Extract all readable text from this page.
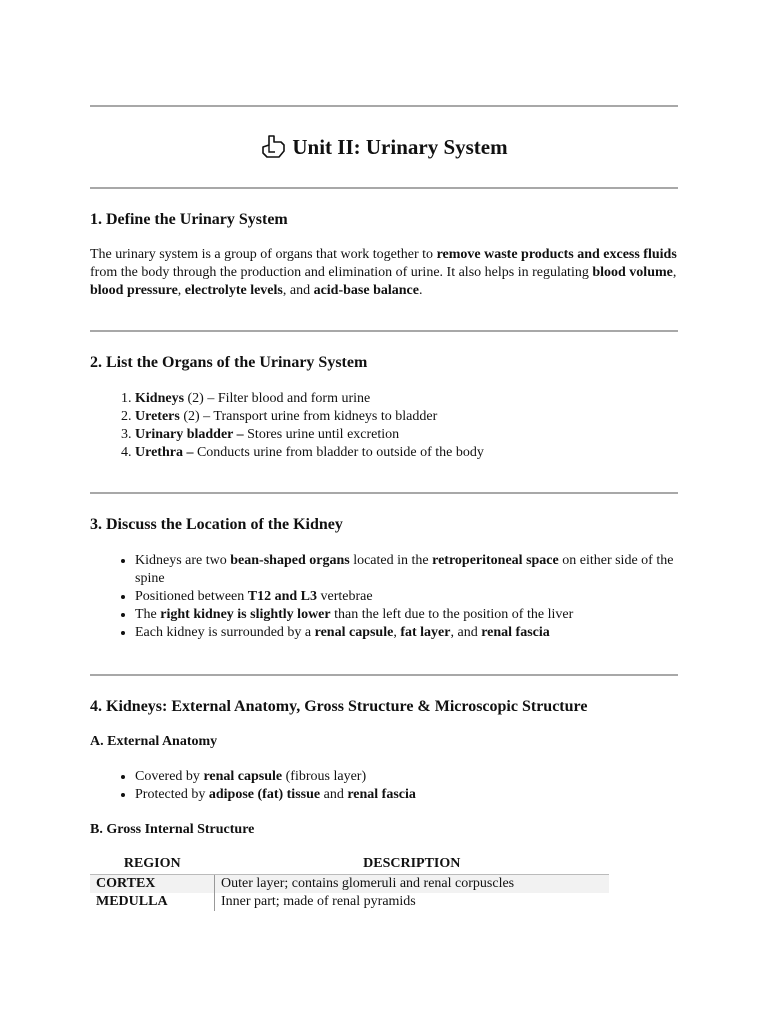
Unit II: Urinary System
1. Define the Urinary System

The urinary system is a group of organs that work together to remove waste products and excess fluids from the body through the production and elimination of urine. It also helps in regulating blood volume, blood pressure, electrolyte levels, and acid-base balance.

2. List the Organs of the Urinary System
1. Kidneys (2) – Filter blood and form urine
2. Ureters (2) – Transport urine from kidneys to bladder
3. Urinary bladder – Stores urine until excretion
4. Urethra – Conducts urine from bladder to outside of the body
3. Discuss the Location of the Kidney
• Kidneys are two bean-shaped organs located in the retroperitoneal space on either side of the spine
• Positioned between T12 and L3 vertebrae
• The right kidney is slightly lower than the left due to the position of the liver
• Each kidney is surrounded by a renal capsule, fat layer, and renal fascia
4. Kidneys: External Anatomy, Gross Structure & Microscopic Structure
A. External Anatomy
• Covered by renal capsule (fibrous layer)
• Protected by adipose (fat) tissue and renal fascia
B. Gross Internal Structure
REGION	DESCRIPTION
CORTEX	Outer layer; contains glomeruli and renal corpuscles
MEDULLA	Inner part; made of renal pyramids
